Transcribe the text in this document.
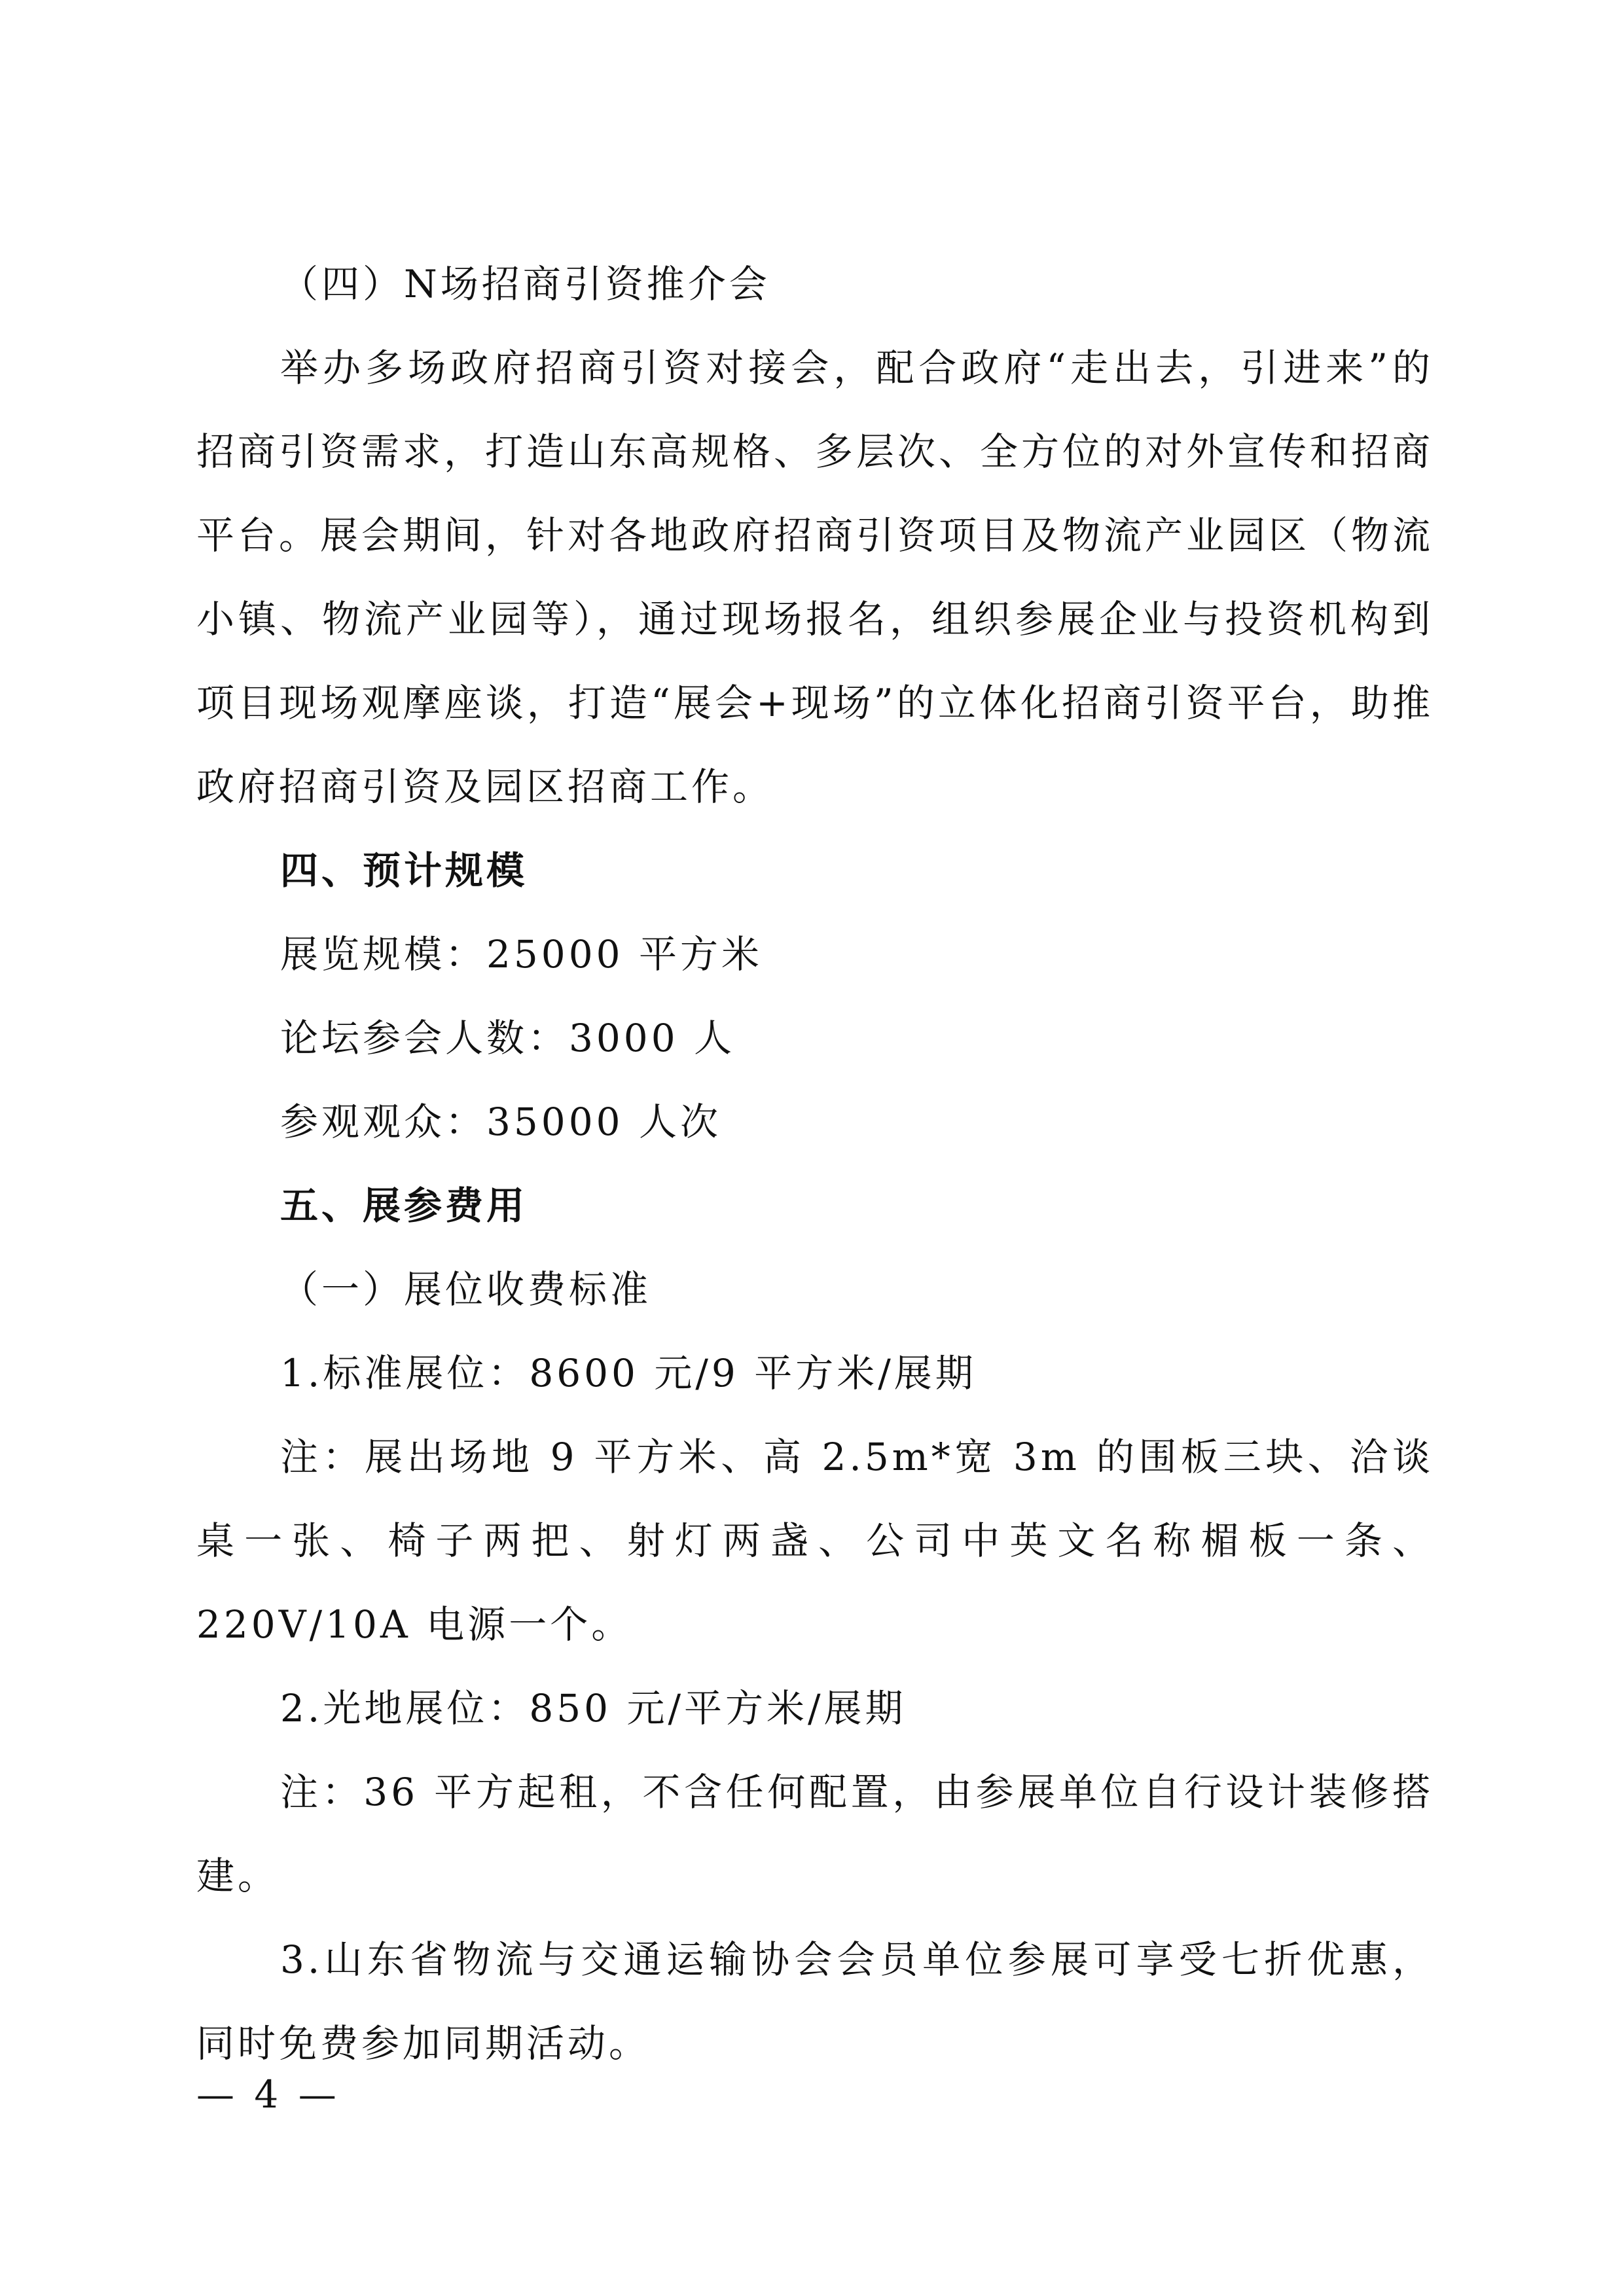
（四）N场招商引资推介会

举办多场政府招商引资对接会，配合政府“走出去，引进来”的招商引资需求，打造山东高规格、多层次、全方位的对外宣传和招商平台。展会期间，针对各地政府招商引资项目及物流产业园区（物流小镇、物流产业园等），通过现场报名，组织参展企业与投资机构到项目现场观摩座谈，打造“展会+现场”的立体化招商引资平台，助推政府招商引资及园区招商工作。

四、预计规模

展览规模：25000 平方米

论坛参会人数：3000 人

参观观众：35000 人次

五、展参费用

（一）展位收费标准

1.标准展位：8600 元/9 平方米/展期

注：展出场地 9 平方米、高 2.5m*宽 3m 的围板三块、洽谈桌一张、椅子两把、射灯两盏、公司中英文名称楣板一条、220V/10A 电源一个。

2.光地展位：850 元/平方米/展期

注：36 平方起租，不含任何配置，由参展单位自行设计装修搭建。

3.山东省物流与交通运输协会会员单位参展可享受七折优惠，同时免费参加同期活动。

— 4 —
